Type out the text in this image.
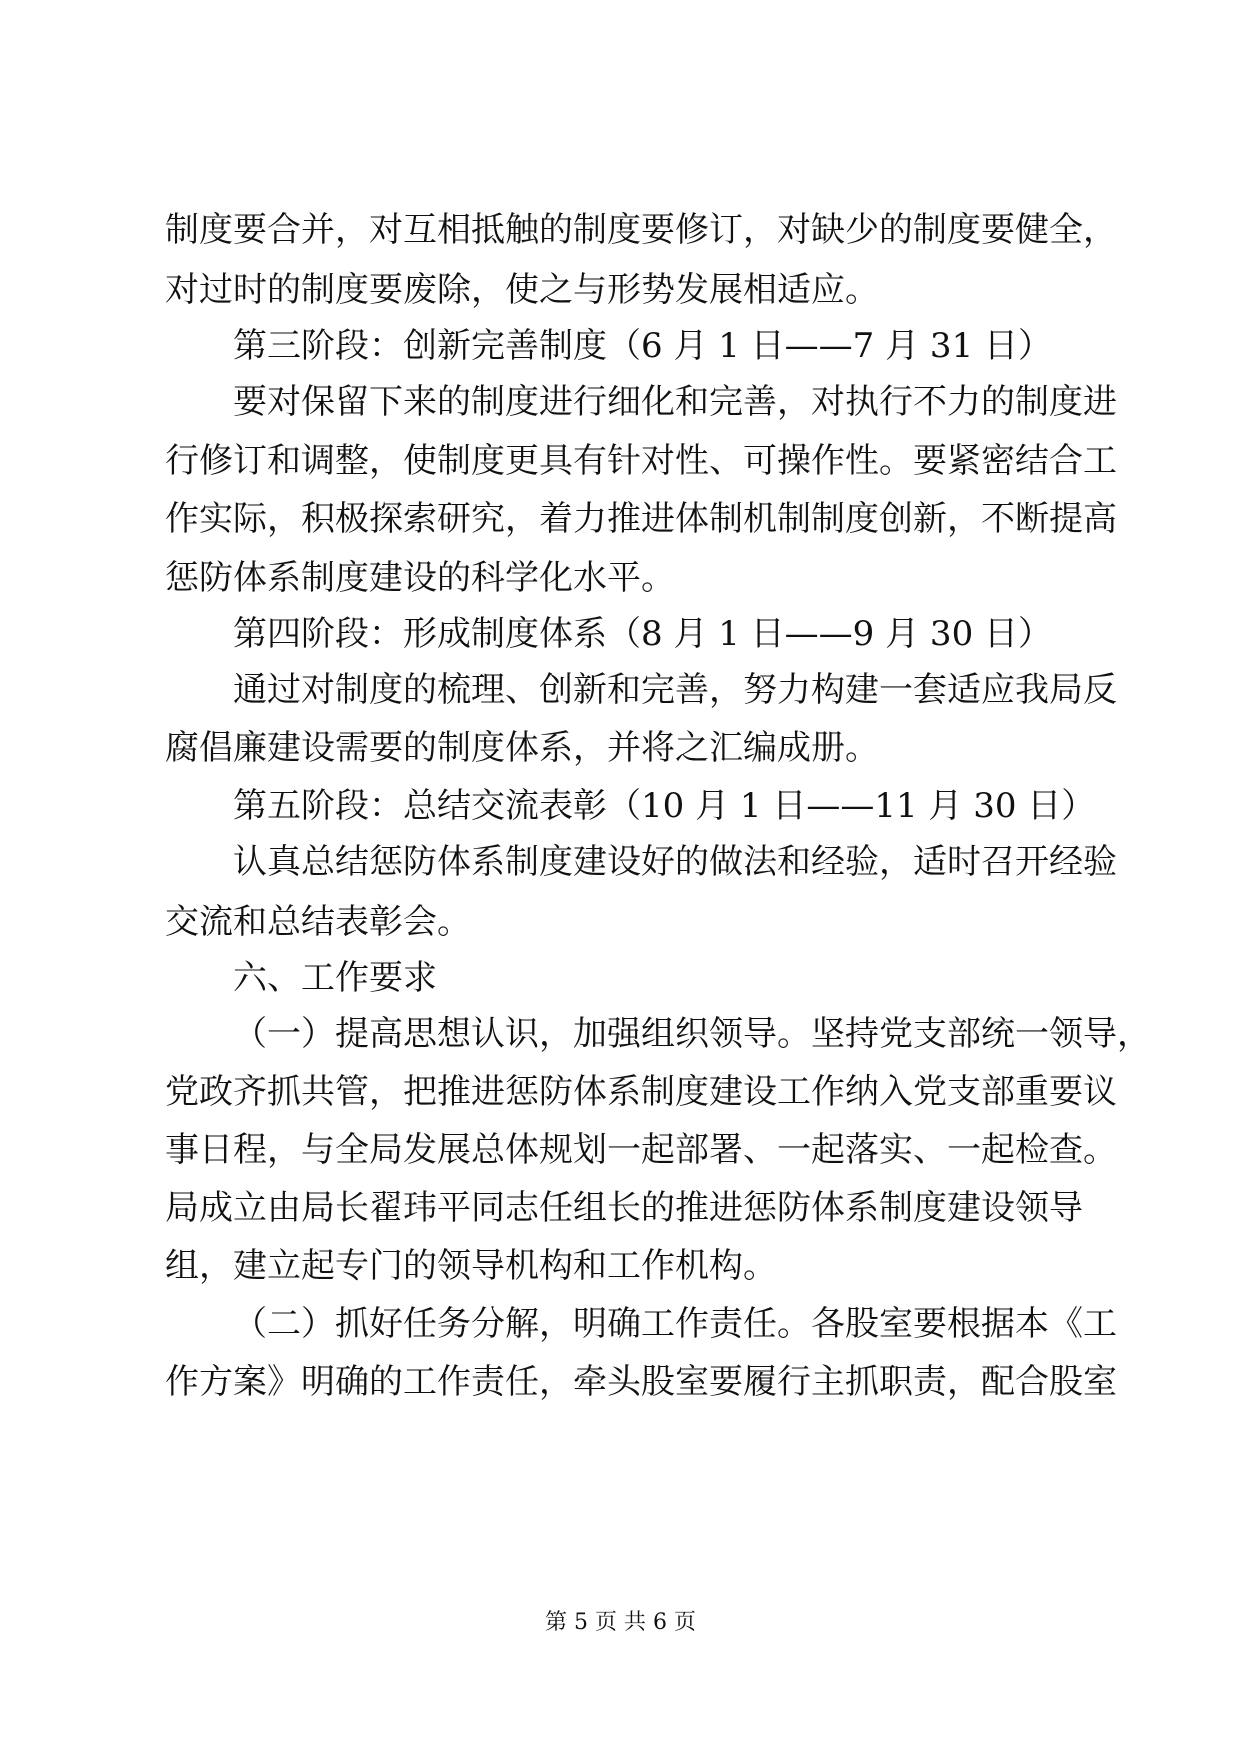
制度要合并，对互相抵触的制度要修订，对缺少的制度要健全，
对过时的制度要废除，使之与形势发展相适应。
第三阶段：创新完善制度（6 月 1 日——7 月 31 日）
要对保留下来的制度进行细化和完善，对执行不力的制度进
行修订和调整，使制度更具有针对性、可操作性。要紧密结合工
作实际，积极探索研究，着力推进体制机制制度创新，不断提高
惩防体系制度建设的科学化水平。
第四阶段：形成制度体系（8 月 1 日——9 月 30 日）
通过对制度的梳理、创新和完善，努力构建一套适应我局反
腐倡廉建设需要的制度体系，并将之汇编成册。
第五阶段：总结交流表彰（10 月 1 日——11 月 30 日）
认真总结惩防体系制度建设好的做法和经验，适时召开经验
交流和总结表彰会。
六、工作要求
（一）提高思想认识，加强组织领导。坚持党支部统一领导，
党政齐抓共管，把推进惩防体系制度建设工作纳入党支部重要议
事日程，与全局发展总体规划一起部署、一起落实、一起检查。
局成立由局长翟玮平同志任组长的推进惩防体系制度建设领导
组，建立起专门的领导机构和工作机构。
（二）抓好任务分解，明确工作责任。各股室要根据本《工
作方案》明确的工作责任，牵头股室要履行主抓职责，配合股室
第 5 页 共 6 页
